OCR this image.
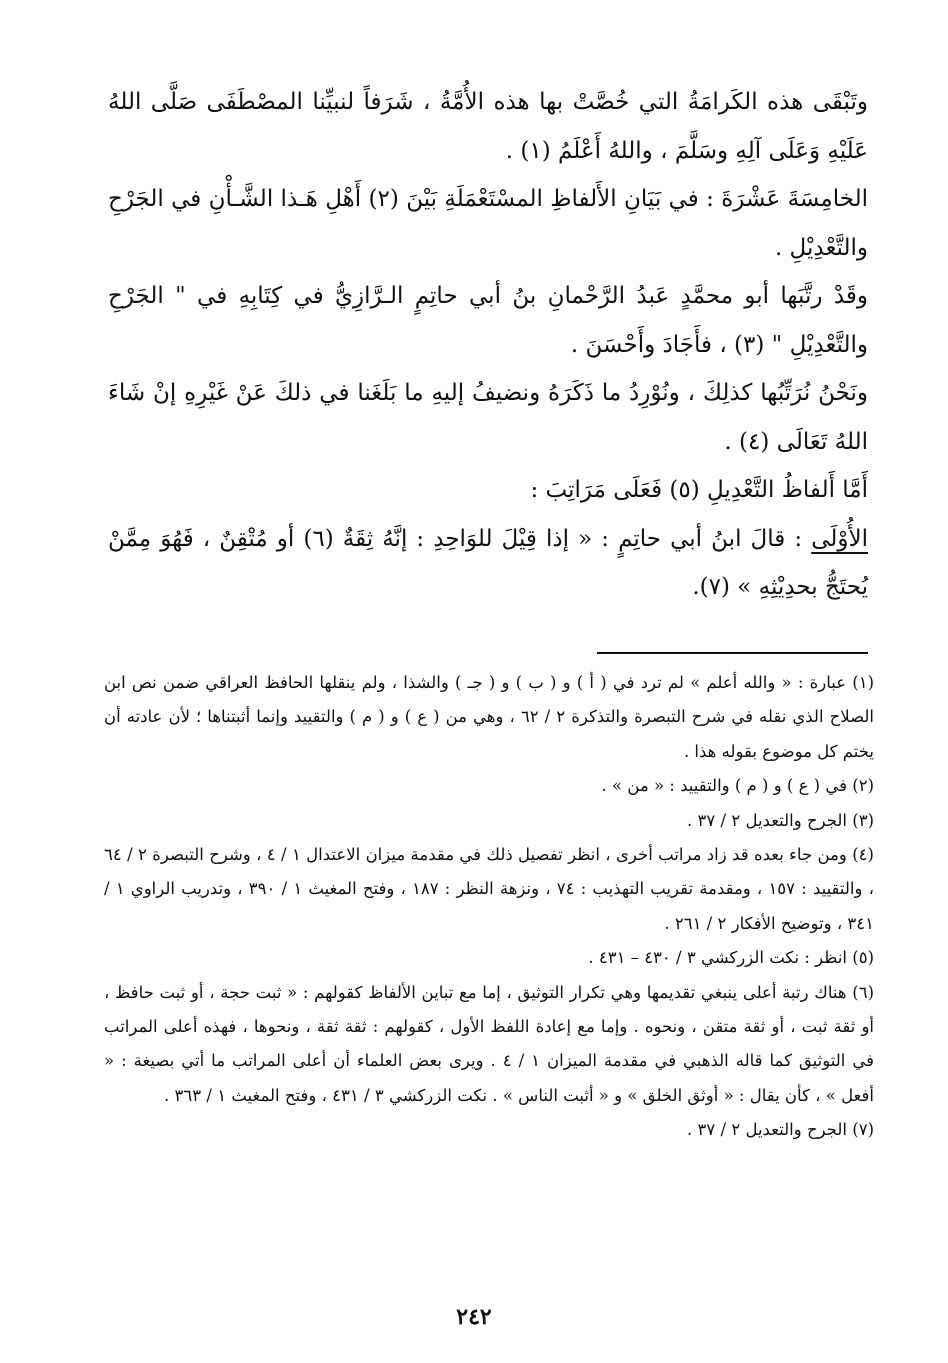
وتَبْقَى هذه الكَرامَةُ التي خُصَّتْ بها هذه الأُمَّةُ ، شَرَفاً لنبيِّنا المصْطَفَى صَلَّى اللهُ عَلَيْهِ وَعَلَى آلِهِ وسَلَّمَ ، واللهُ أَعْلَمُ (١) .

الخامِسَةَ عَشْرَةَ : في بَيَانِ الأَلفاظِ المسْتَعْمَلَةِ بَيْنَ (٢) أَهْلِ هَـذا الشَّـأْنِ في الجَرْحِ والتَّعْدِيْلِ .

وقَدْ رتَّبَها أبو محمَّدٍ عَبدُ الرَّحْمانِ بنُ أبي حاتِمٍ الـرَّازِيُّ في كِتَابِهِ في " الجَرْحِ والتَّعْدِيْلِ " (٣) ، فأَجَادَ وأَحْسَنَ .

ونَحْنُ نُرَتِّبُها كذلِكَ ، ونُوْرِدُ ما ذَكَرَهُ ونضيفُ إليهِ ما بَلَغَنا في ذلكَ عَنْ غَيْرِهِ إنْ شَاءَ اللهُ تَعَالَى (٤) .

أَمَّا أَلفاظُ التَّعْدِيلِ (٥) فَعَلَى مَرَاتِبَ :

الأُوْلَى : قالَ ابنُ أبي حاتِمٍ : « إذا قِيْلَ للوَاحِدِ : إنَّهُ ثِقَةٌ (٦) أو مُتْقِنٌ ، فَهُوَ مِمَّنْ يُحتَجُّ بحدِيْثِهِ » (٧).

(١) عبارة : « والله أعلم » لم ترد في ( أ ) و ( ب ) و ( جـ ) والشذا ، ولم ينقلها الحافظ العراقي ضمن نص ابن الصلاح الذي نقله في شرح التبصرة والتذكرة ٢ / ٦٢ ، وهي من ( ع ) و ( م ) والتقييد وإنما أثبتناها ؛ لأن عادته أن يختم كل موضوع بقوله هذا .

(٢) في ( ع ) و ( م ) والتقييد : « من » .

(٣) الجرح والتعديل ٢ / ٣٧ .

(٤) ومن جاء بعده قد زاد مراتب أخرى ، انظر تفصيل ذلك في مقدمة ميزان الاعتدال ١ / ٤ ، وشرح التبصرة ٢ / ٦٤ ، والتقييد : ١٥٧ ، ومقدمة تقريب التهذيب : ٧٤ ، ونزهة النظر : ١٨٧ ، وفتح المغيث ١ / ٣٩٠ ، وتدريب الراوي ١ / ٣٤١ ، وتوضيح الأفكار ٢ / ٢٦١ .

(٥) انظر : نكت الزركشي ٣ / ٤٣٠ – ٤٣١ .

(٦) هناك رتبة أعلى ينبغي تقديمها وهي تكرار التوثيق ، إما مع تباين الألفاظ كقولهم : « ثبت حجة ، أو ثبت حافظ ، أو ثقة ثبت ، أو ثقة متقن ، ونحوه . وإما مع إعادة اللفظ الأول ، كقولهم : ثقة ثقة ، ونحوها ، فهذه أعلى المراتب في التوثيق كما قاله الذهبي في مقدمة الميزان ١ / ٤ . ويرى بعض العلماء أن أعلى المراتب ما أتي بصيغة : « أفعل » ، كأن يقال : « أوثق الخلق » و « أثبت الناس » . نكت الزركشي ٣ / ٤٣١ ، وفتح المغيث ١ / ٣٦٣ .

(٧) الجرح والتعديل ٢ / ٣٧ .

٢٤٢
